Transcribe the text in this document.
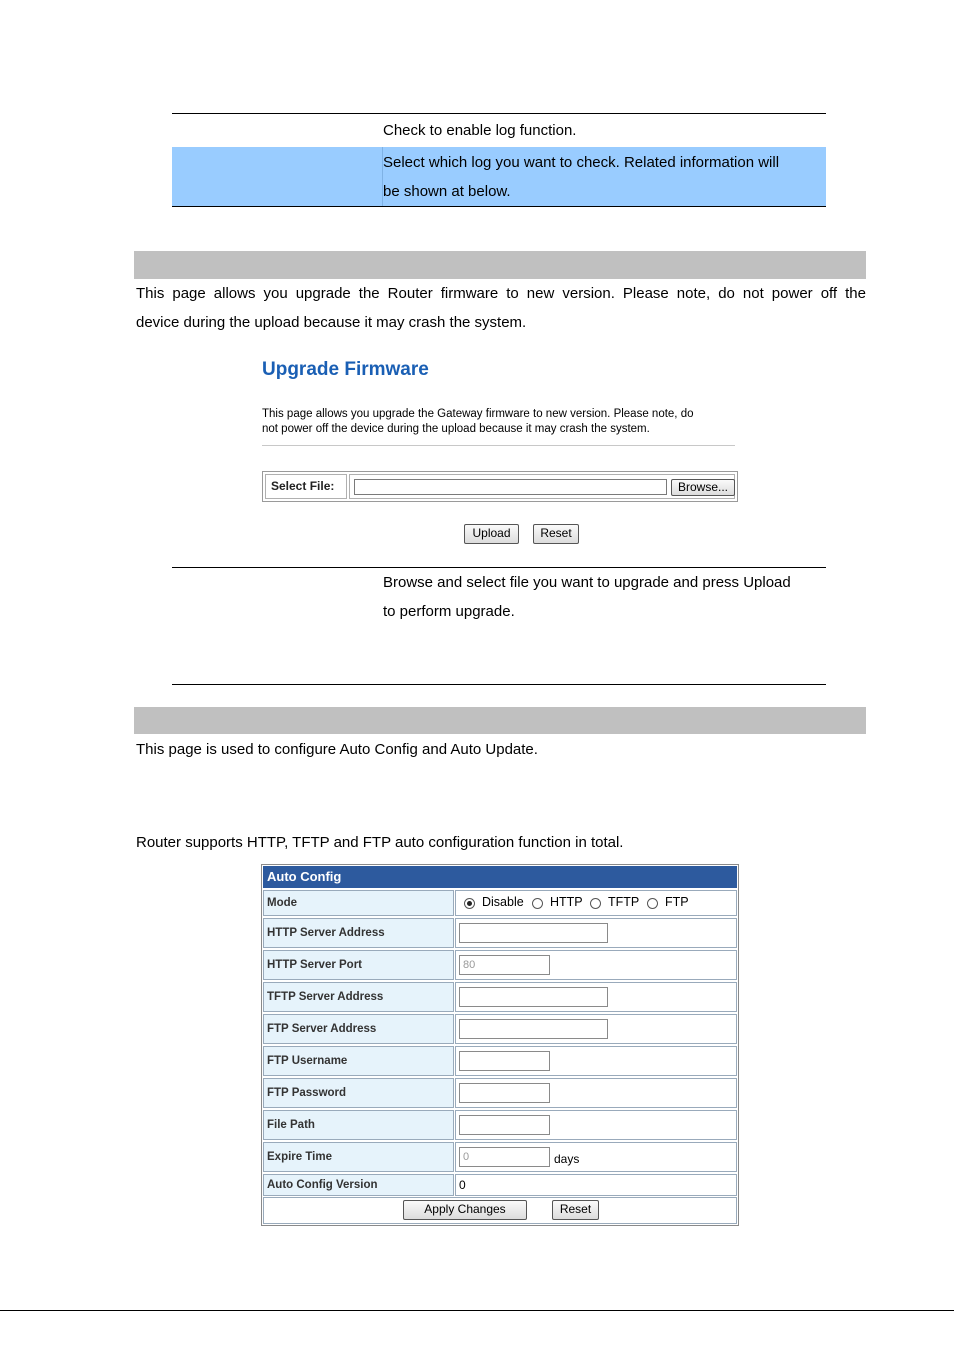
Check to enable log function.
Select which log you want to check. Related information will
be shown at below.
This page allows you upgrade the Router firmware to new version. Please note, do not power off the
device during the upload because it may crash the system.
Upgrade Firmware
This page allows you upgrade the Gateway firmware to new version. Please note, do
not power off the device during the upload because it may crash the system.
Select File:	Browse...
Upload	Reset
Browse and select file you want to upgrade and press Upload
to perform upgrade.
This page is used to configure Auto Config and Auto Update.
Router supports HTTP, TFTP and FTP auto configuration function in total.
Auto Config
Mode	Disable HTTP TFTP FTP
HTTP Server Address
HTTP Server Port	80
TFTP Server Address
FTP Server Address
FTP Username
FTP Password
File Path
Expire Time	0	days
Auto Config Version	0
Apply Changes	Reset
